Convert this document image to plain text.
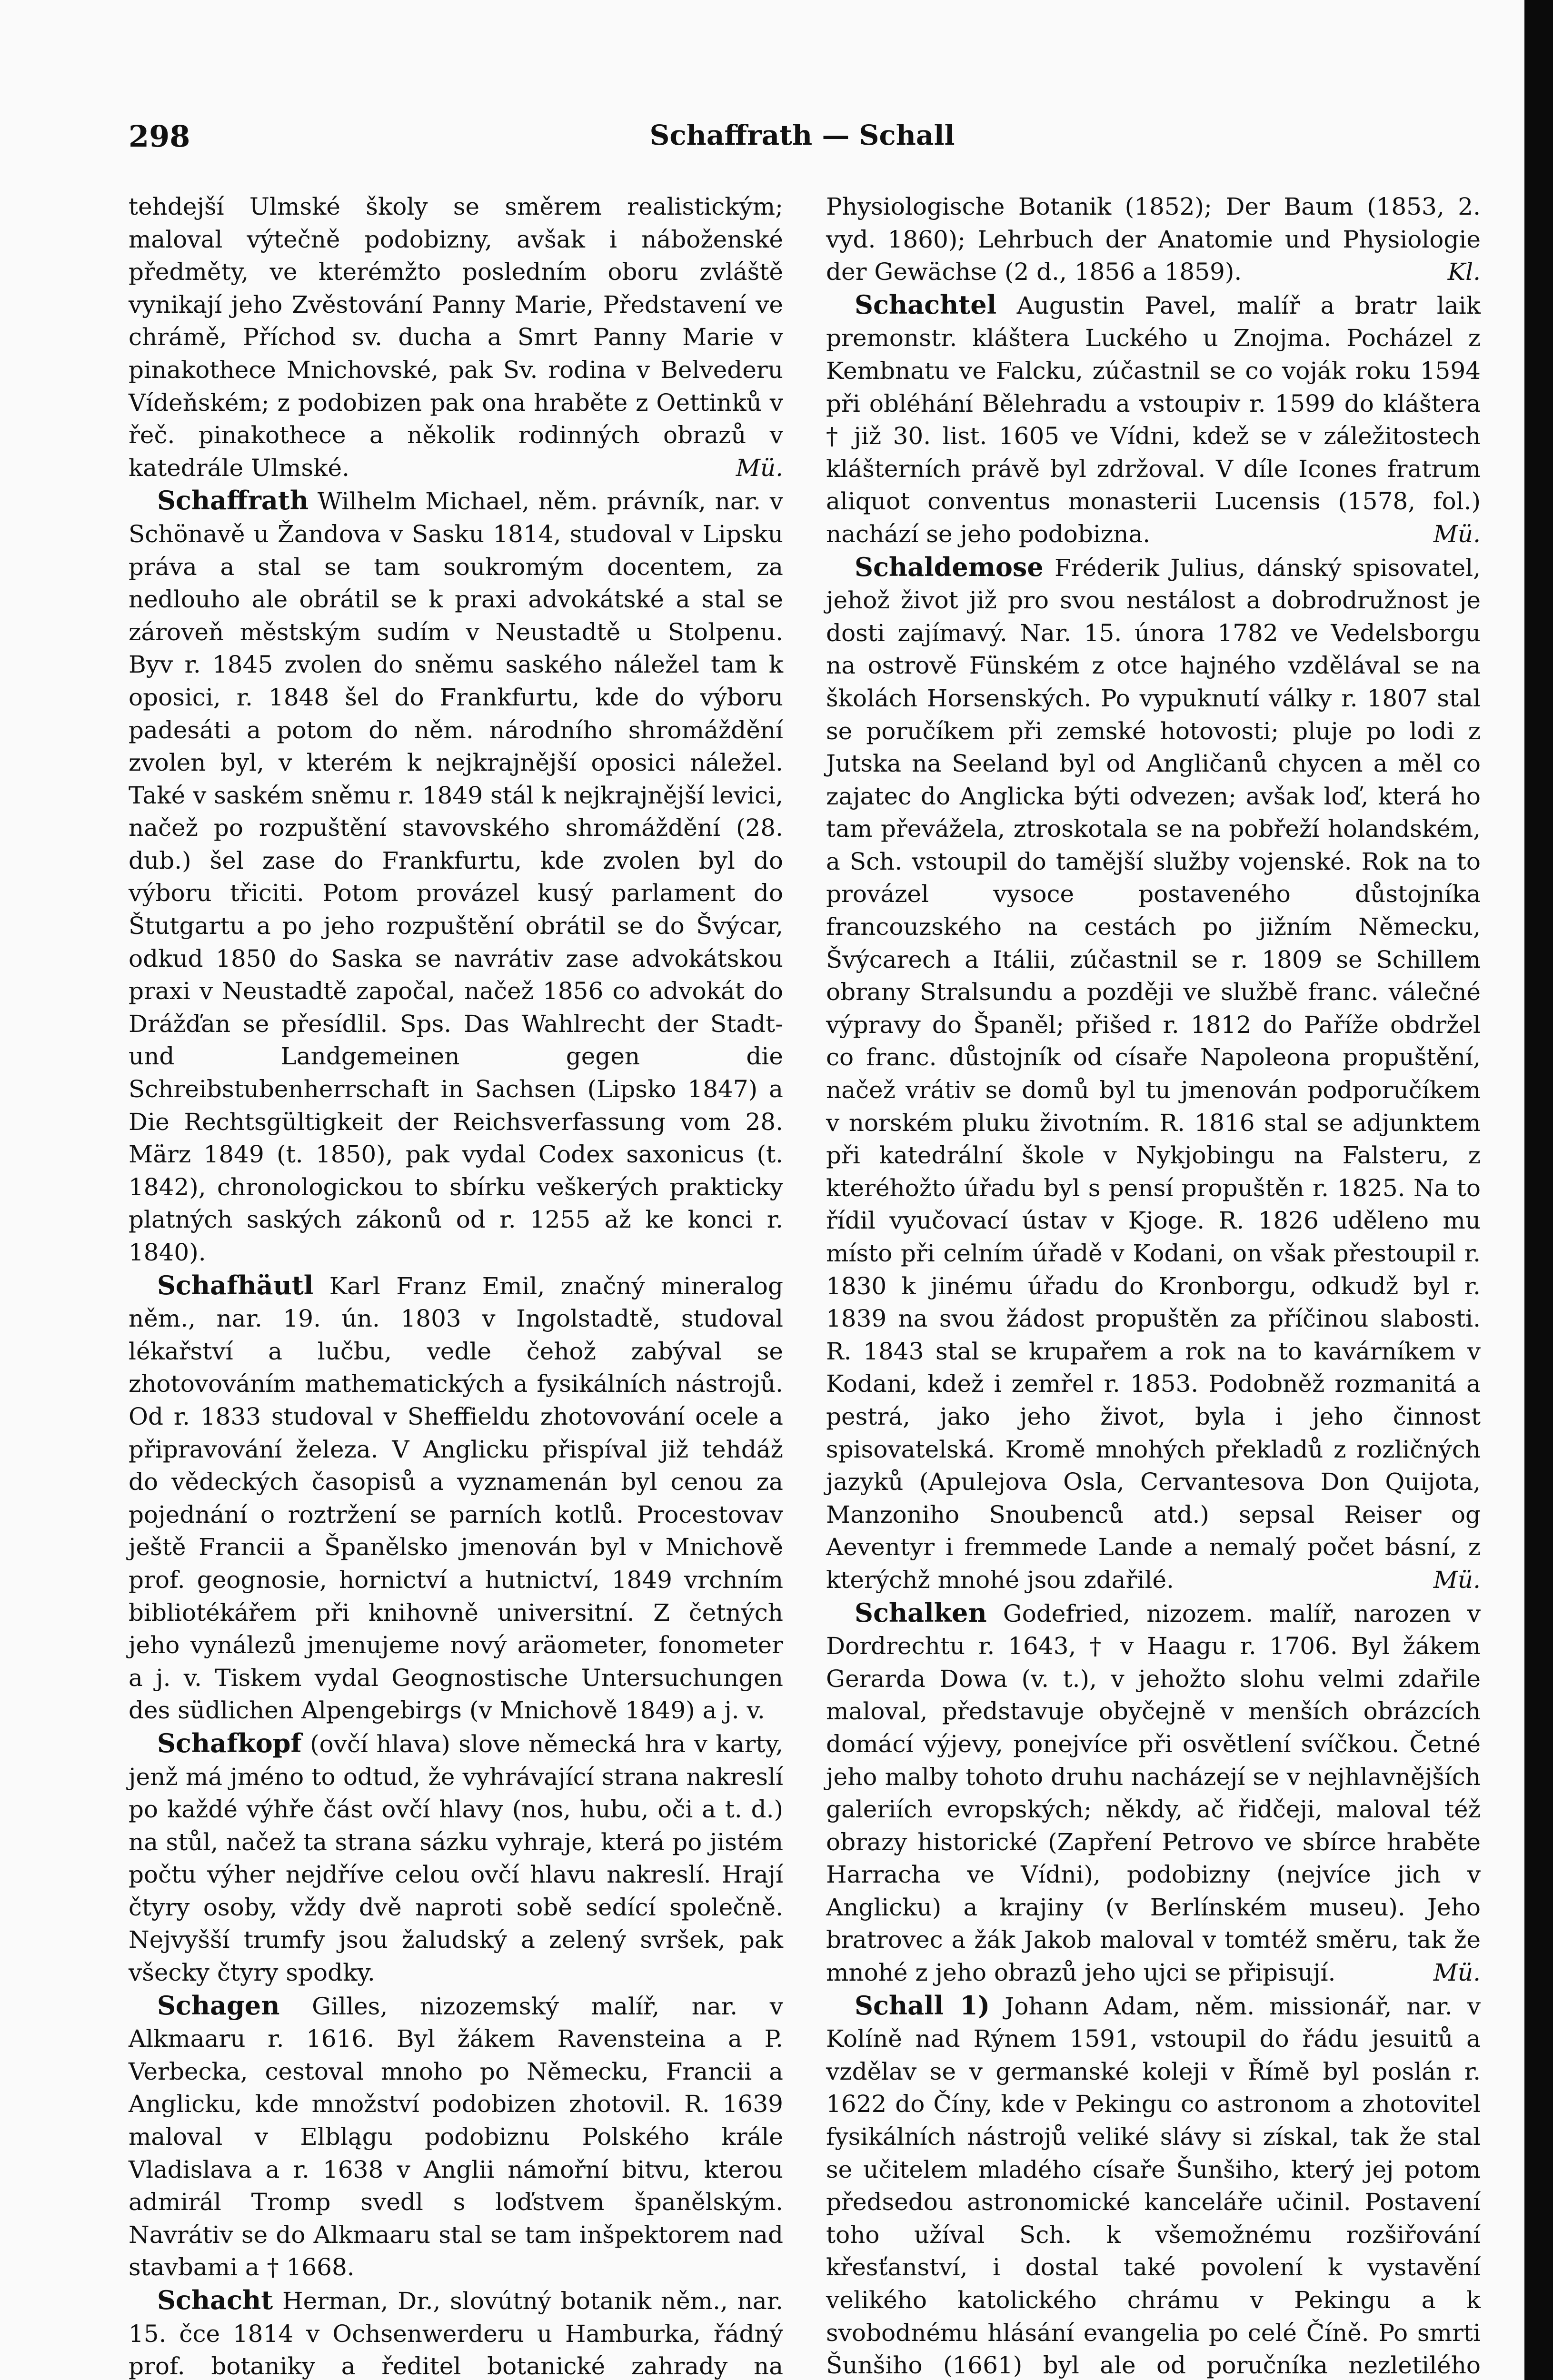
298	Schaffrath — Schall

tehdejší Ulmské školy se směrem realistickým; maloval výtečně podobizny, avšak i náboženské předměty, ve kterémžto posledním oboru zvláště vynikají jeho Zvěstování Panny Marie, Představení ve chrámě, Příchod sv. ducha a Smrt Panny Marie v pinakothece Mnichovské, pak Sv. rodina v Belvederu Vídeňském; z podobizen pak ona hraběte z Oettinků v řeč. pinakothece a několik rodinných obrazů v katedrále Ulmské.	Mü.

Schaffrath Wilhelm Michael, něm. právník, nar. v Schönavě u Žandova v Sasku 1814, studoval v Lipsku práva a stal se tam soukromým docentem, za nedlouho ale obrátil se k praxi advokátské a stal se zároveň městským sudím v Neustadtě u Stolpenu. Byv r. 1845 zvolen do sněmu saského náležel tam k oposici, r. 1848 šel do Frankfurtu, kde do výboru padesáti a potom do něm. národního shromáždění zvolen byl, v kterém k nejkrajnější oposici náležel. Také v saském sněmu r. 1849 stál k nejkrajnější levici, načež po rozpuštění stavovského shromáždění (28. dub.) šel zase do Frankfurtu, kde zvolen byl do výboru třiciti. Potom provázel kusý parlament do Štutgartu a po jeho rozpuštění obrátil se do Švýcar, odkud 1850 do Saska se navrátiv zase advokátskou praxi v Neustadtě započal, načež 1856 co advokát do Drážďan se přesídlil. Sps. Das Wahlrecht der Stadt- und Landgemeinen gegen die Schreibstubenherrschaft in Sachsen (Lipsko 1847) a Die Rechtsgültigkeit der Reichsverfassung vom 28. März 1849 (t. 1850), pak vydal Codex saxonicus (t. 1842), chronologickou to sbírku veškerých prakticky platných saských zákonů od r. 1255 až ke konci r. 1840).

Schafhäutl Karl Franz Emil, značný mineralog něm., nar. 19. ún. 1803 v Ingolstadtě, studoval lékařství a lučbu, vedle čehož zabýval se zhotovováním mathematických a fysikálních nástrojů. Od r. 1833 studoval v Sheffieldu zhotovování ocele a připravování železa. V Anglicku přispíval již tehdáž do vědeckých časopisů a vyznamenán byl cenou za pojednání o roztržení se parních kotlů. Procestovav ještě Francii a Španělsko jmenován byl v Mnichově prof. geognosie, hornictví a hutnictví, 1849 vrchním bibliotékářem při knihovně universitní. Z četných jeho vynálezů jmenujeme nový aräometer, fonometer a j. v. Tiskem vydal Geognostische Untersuchungen des südlichen Alpengebirgs (v Mnichově 1849) a j. v.

Schafkopf (ovčí hlava) slove německá hra v karty, jenž má jméno to odtud, že vyhrávající strana nakreslí po každé výhře část ovčí hlavy (nos, hubu, oči a t. d.) na stůl, načež ta strana sázku vyhraje, která po jistém počtu výher nejdříve celou ovčí hlavu nakreslí. Hrají čtyry osoby, vždy dvě naproti sobě sedící společně. Nejvyšší trumfy jsou žaludský a zelený svršek, pak všecky čtyry spodky.

Schagen Gilles, nizozemský malíř, nar. v Alkmaaru r. 1616. Byl žákem Ravensteina a P. Verbecka, cestoval mnoho po Německu, Francii a Anglicku, kde množství podobizen zhotovil. R. 1639 maloval v Elblągu podobiznu Polského krále Vladislava a r. 1638 v Anglii námořní bitvu, kterou admirál Tromp svedl s loďstvem španělským. Navrátiv se do Alkmaaru stal se tam inšpektorem nad stavbami a † 1668.

Schacht Herman, Dr., slovútný botanik něm., nar. 15. čce 1814 v Ochsenwerderu u Hamburka, řádný prof. botaniky a ředitel botanické zahrady na

Physiologische Botanik (1852); Der Baum (1853, 2. vyd. 1860); Lehrbuch der Anatomie und Physiologie der Gewächse (2 d., 1856 a 1859).	Kl.

Schachtel Augustin Pavel, malíř a bratr laik premonstr. kláštera Luckého u Znojma. Pocházel z Kembnatu ve Falcku, zúčastnil se co voják roku 1594 při obléhání Bělehradu a vstoupiv r. 1599 do kláštera † již 30. list. 1605 ve Vídni, kdež se v záležitostech klášterních právě byl zdržoval. V díle Icones fratrum aliquot conventus monasterii Lucensis (1578, fol.) nachází se jeho podobizna.	Mü.

Schaldemose Fréderik Julius, dánský spisovatel, jehož život již pro svou nestálost a dobrodružnost je dosti zajímavý. Nar. 15. února 1782 ve Vedelsborgu na ostrově Fünském z otce hajného vzdělával se na školách Horsenských. Po vypuknutí války r. 1807 stal se poručíkem při zemské hotovosti; pluje po lodi z Jutska na Seeland byl od Angličanů chycen a měl co zajatec do Anglicka býti odvezen; avšak loď, která ho tam převážela, ztroskotala se na pobřeží holandském, a Sch. vstoupil do tamější služby vojenské. Rok na to provázel vysoce postaveného důstojníka francouzského na cestách po jižním Německu, Švýcarech a Itálii, zúčastnil se r. 1809 se Schillem obrany Stralsundu a později ve službě franc. válečné výpravy do Španěl; přišed r. 1812 do Paříže obdržel co franc. důstojník od císaře Napoleona propuštění, načež vrátiv se domů byl tu jmenován podporučíkem v norském pluku životním. R. 1816 stal se adjunktem při katedrální škole v Nykjobingu na Falsteru, z kteréhožto úřadu byl s pensí propuštěn r. 1825. Na to řídil vyučovací ústav v Kjoge. R. 1826 uděleno mu místo při celním úřadě v Kodani, on však přestoupil r. 1830 k jinému úřadu do Kronborgu, odkudž byl r. 1839 na svou žádost propuštěn za příčinou slabosti. R. 1843 stal se krupařem a rok na to kavárníkem v Kodani, kdež i zemřel r. 1853. Podobněž rozmanitá a pestrá, jako jeho život, byla i jeho činnost spisovatelská. Kromě mnohých překladů z rozličných jazyků (Apulejova Osla, Cervantesova Don Quijota, Manzoniho Snoubenců atd.) sepsal Reiser og Aeventyr i fremmede Lande a nemalý počet básní, z kterýchž mnohé jsou zdařilé.	Mü.

Schalken Godefried, nizozem. malíř, narozen v Dordrechtu r. 1643, † v Haagu r. 1706. Byl žákem Gerarda Dowa (v. t.), v jehožto slohu velmi zdařile maloval, představuje obyčejně v menších obrázcích domácí výjevy, ponejvíce při osvětlení svíčkou. Četné jeho malby tohoto druhu nacházejí se v nejhlavnějších galeriích evropských; někdy, ač řidčeji, maloval též obrazy historické (Zapření Petrovo ve sbírce hraběte Harracha ve Vídni), podobizny (nejvíce jich v Anglicku) a krajiny (v Berlínském museu). Jeho bratrovec a žák Jakob maloval v tomtéž směru, tak že mnohé z jeho obrazů jeho ujci se připisují.	Mü.

Schall 1) Johann Adam, něm. missionář, nar. v Kolíně nad Rýnem 1591, vstoupil do řádu jesuitů a vzdělav se v germanské koleji v Římě byl poslán r. 1622 do Číny, kde v Pekingu co astronom a zhotovitel fysikálních nástrojů veliké slávy si získal, tak že stal se učitelem mladého císaře Šunšiho, který jej potom předsedou astronomické kanceláře učinil. Postavení toho užíval Sch. k všemožnému rozšiřování křesťanství, i dostal také povolení k vystavění velikého katolického chrámu v Pekingu a k svobodnému hlásání evangelia po celé Číně. Po smrti Šunšiho (1661) byl ale od poručníka nezletilého
